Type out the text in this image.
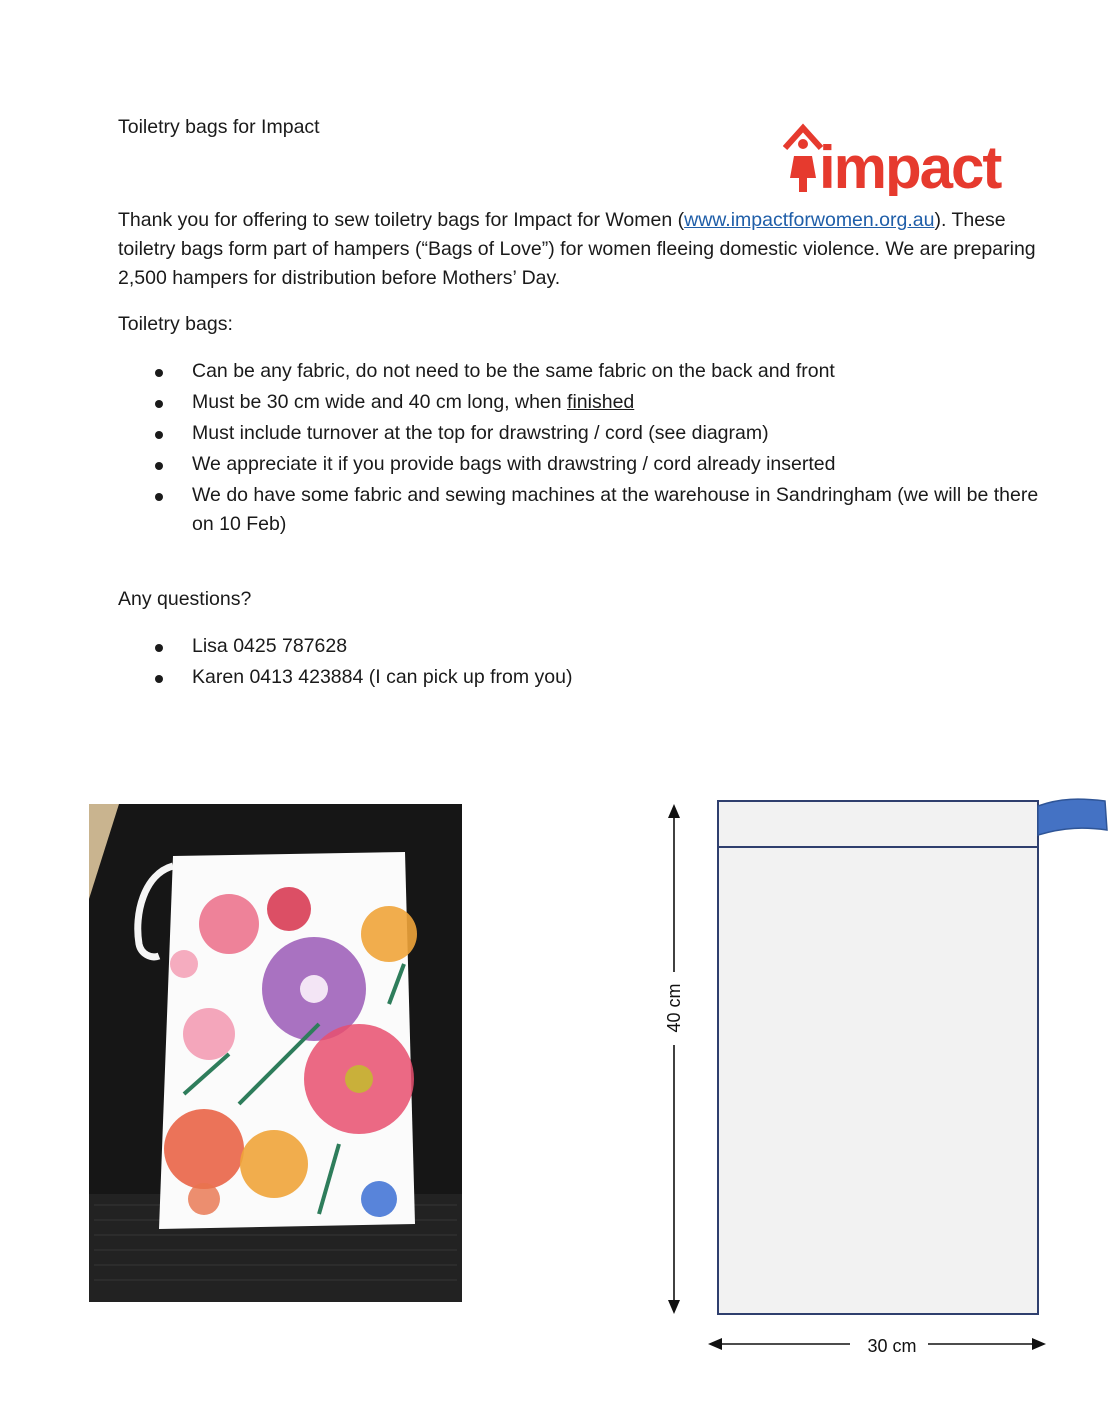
Toiletry bags for Impact
impact
Thank you for offering to sew toiletry bags for Impact for Women (www.impactforwomen.org.au). These toiletry bags form part of hampers (“Bags of Love”) for women fleeing domestic violence. We are preparing 2,500 hampers for distribution before Mothers’ Day.
Toiletry bags:
Can be any fabric, do not need to be the same fabric on the back and front
Must be 30 cm wide and 40 cm long, when finished
Must include turnover at the top for drawstring / cord (see diagram)
We appreciate it if you provide bags with drawstring / cord already inserted
We do have some fabric and sewing machines at the warehouse in Sandringham (we will be there on 10 Feb)
Any questions?
Lisa 0425 787628
Karen 0413 423884 (I can pick up from you)
40 cm
30 cm
